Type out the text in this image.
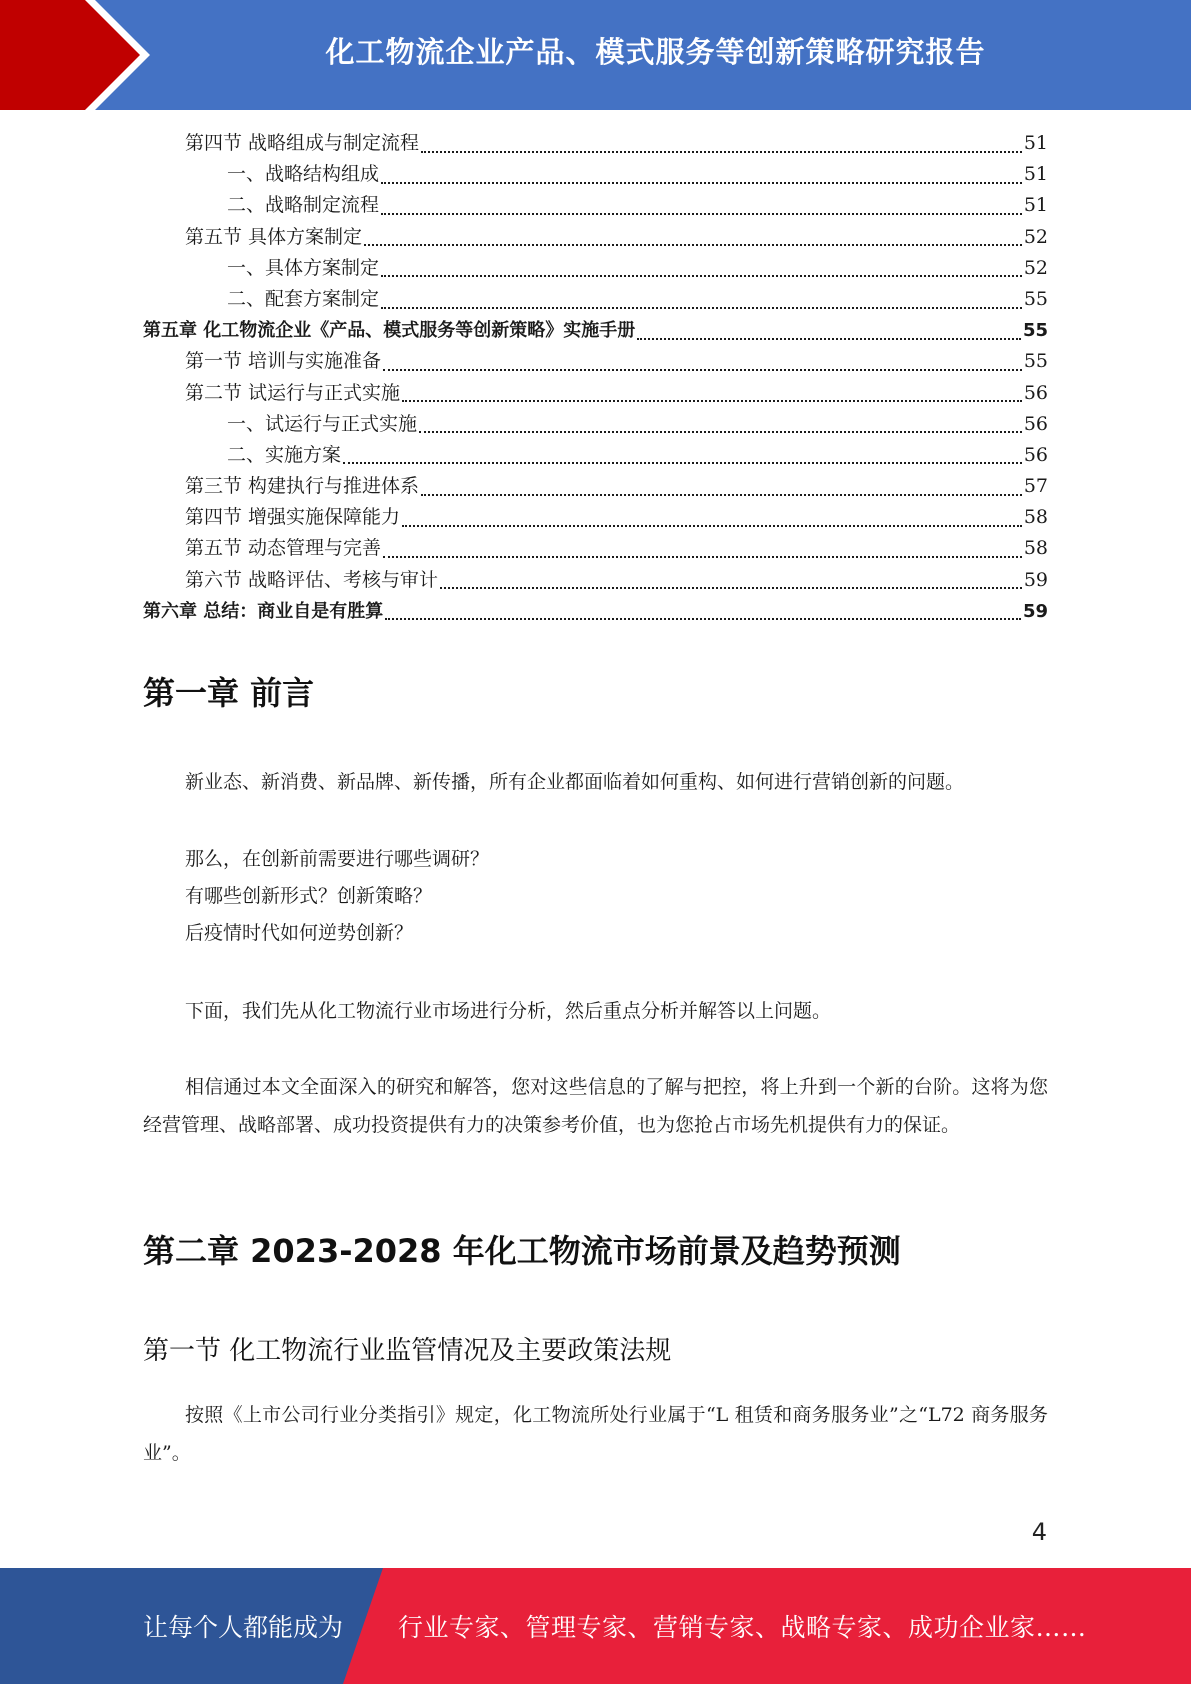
化工物流企业产品、模式服务等创新策略研究报告
第四节 战略组成与制定流程	51
一、战略结构组成	51
二、战略制定流程	51
第五节 具体方案制定	52
一、具体方案制定	52
二、配套方案制定	55
第五章 化工物流企业《产品、模式服务等创新策略》实施手册	55
第一节 培训与实施准备	55
第二节 试运行与正式实施	56
一、试运行与正式实施	56
二、实施方案	56
第三节 构建执行与推进体系	57
第四节 增强实施保障能力	58
第五节 动态管理与完善	58
第六节 战略评估、考核与审计	59
第六章 总结：商业自是有胜算	59
第一章 前言

新业态、新消费、新品牌、新传播，所有企业都面临着如何重构、如何进行营销创新的问题。

那么，在创新前需要进行哪些调研？
有哪些创新形式？创新策略？
后疫情时代如何逆势创新？

下面，我们先从化工物流行业市场进行分析，然后重点分析并解答以上问题。

相信通过本文全面深入的研究和解答，您对这些信息的了解与把控，将上升到一个新的台阶。这将为您经营管理、战略部署、成功投资提供有力的决策参考价值，也为您抢占市场先机提供有力的保证。

第二章 2023-2028 年化工物流市场前景及趋势预测
第一节 化工物流行业监管情况及主要政策法规

按照《上市公司行业分类指引》规定，化工物流所处行业属于“L 租赁和商务服务业”之“L72 商务服务业”。

4
让每个人都能成为 行业专家、管理专家、营销专家、战略专家、成功企业家……
